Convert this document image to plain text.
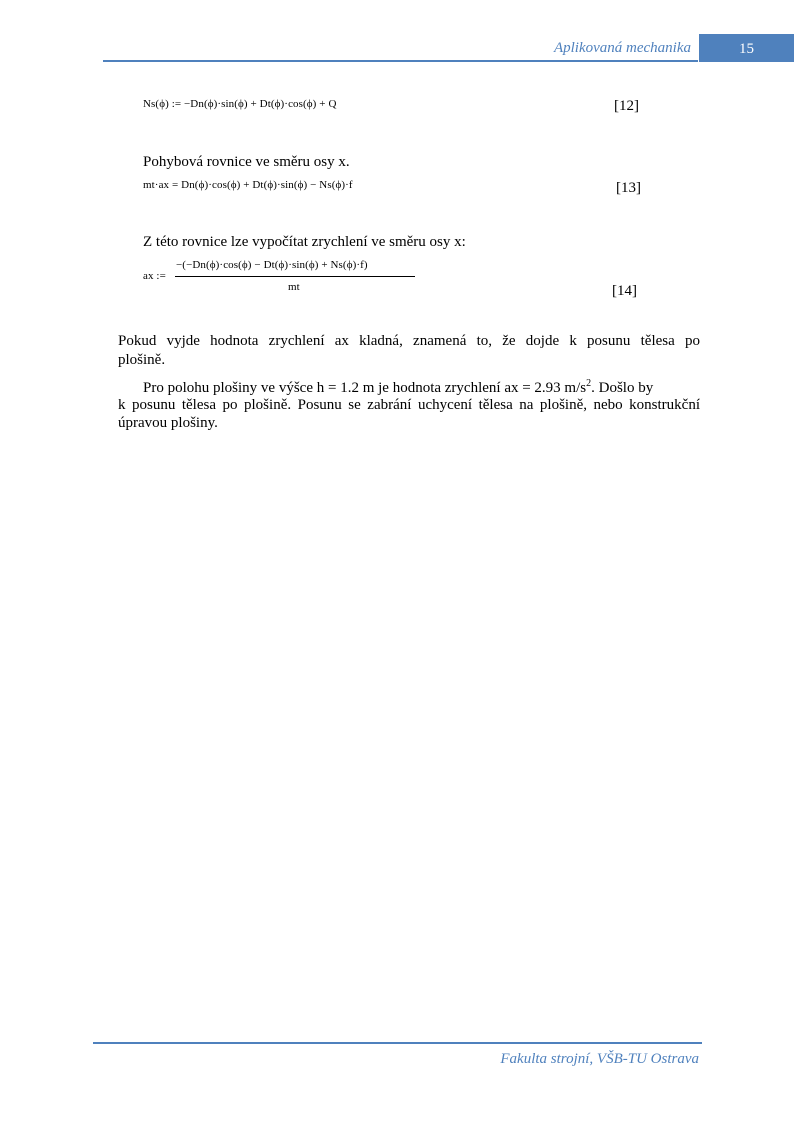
Aplikovaná mechanika	15
Ns(ϕ) := −Dn(ϕ)·sin(ϕ) + Dt(ϕ)·cos(ϕ) + Q	[12]
Pohybová rovnice ve směru osy x.
mt·ax = Dn(ϕ)·cos(ϕ) + Dt(ϕ)·sin(ϕ) − Ns(ϕ)·f	[13]
Z této rovnice lze vypočítat zrychlení ve směru osy x:
ax :=
−(−Dn(ϕ)·cos(ϕ) − Dt(ϕ)·sin(ϕ) + Ns(ϕ)·f)
mt	[14]
Pokud vyjde hodnota zrychlení ax kladná, znamená to, že dojde k posunu tělesa po
plošině.
Pro polohu plošiny ve výšce h = 1.2 m je hodnota zrychlení ax = 2.93 $m/s^2$. Došlo by
k posunu tělesa po plošině. Posunu se zabrání uchycení tělesa na plošině, nebo konstrukční
úpravou plošiny.
Fakulta strojní, VŠB-TU Ostrava
